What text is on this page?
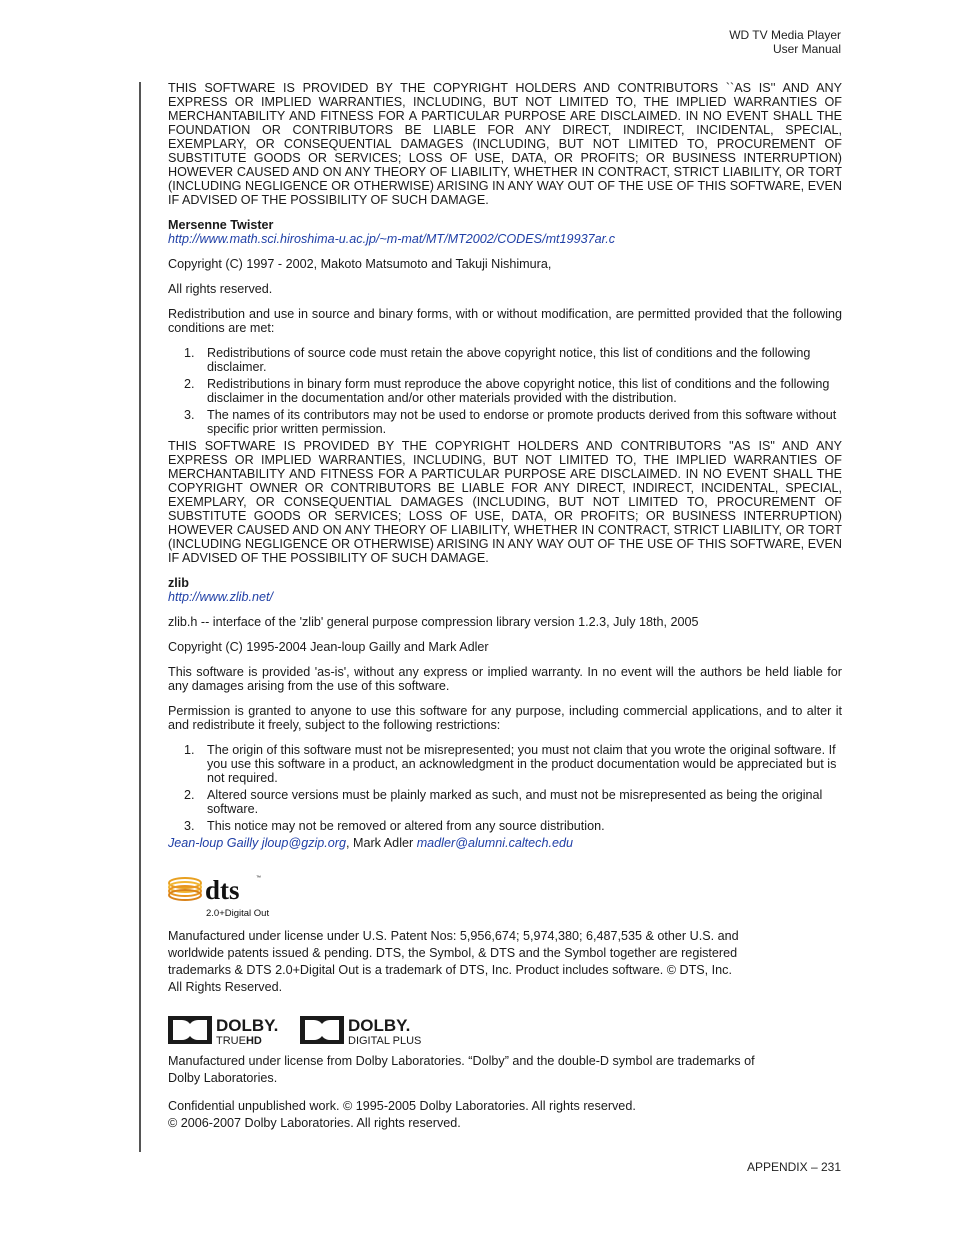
WD TV Media Player
User Manual

THIS SOFTWARE IS PROVIDED BY THE COPYRIGHT HOLDERS AND CONTRIBUTORS ``AS IS'' AND ANY EXPRESS OR IMPLIED WARRANTIES, INCLUDING, BUT NOT LIMITED TO, THE IMPLIED WARRANTIES OF MERCHANTABILITY AND FITNESS FOR A PARTICULAR PURPOSE ARE DISCLAIMED. IN NO EVENT SHALL THE FOUNDATION OR CONTRIBUTORS BE LIABLE FOR ANY DIRECT, INDIRECT, INCIDENTAL, SPECIAL, EXEMPLARY, OR CONSEQUENTIAL DAMAGES (INCLUDING, BUT NOT LIMITED TO, PROCUREMENT OF SUBSTITUTE GOODS OR SERVICES; LOSS OF USE, DATA, OR PROFITS; OR BUSINESS INTERRUPTION) HOWEVER CAUSED AND ON ANY THEORY OF LIABILITY, WHETHER IN CONTRACT, STRICT LIABILITY, OR TORT (INCLUDING NEGLIGENCE OR OTHERWISE) ARISING IN ANY WAY OUT OF THE USE OF THIS SOFTWARE, EVEN IF ADVISED OF THE POSSIBILITY OF SUCH DAMAGE.

Mersenne Twister

http://www.math.sci.hiroshima-u.ac.jp/~m-mat/MT/MT2002/CODES/mt19937ar.c

Copyright (C) 1997 - 2002, Makoto Matsumoto and Takuji Nishimura,

All rights reserved.

Redistribution and use in source and binary forms, with or without modification, are permitted provided that the following conditions are met:

1. Redistributions of source code must retain the above copyright notice, this list of conditions and the following disclaimer.
2. Redistributions in binary form must reproduce the above copyright notice, this list of conditions and the following disclaimer in the documentation and/or other materials provided with the distribution.
3. The names of its contributors may not be used to endorse or promote products derived from this software without specific prior written permission.

THIS SOFTWARE IS PROVIDED BY THE COPYRIGHT HOLDERS AND CONTRIBUTORS "AS IS" AND ANY EXPRESS OR IMPLIED WARRANTIES, INCLUDING, BUT NOT LIMITED TO, THE IMPLIED WARRANTIES OF MERCHANTABILITY AND FITNESS FOR A PARTICULAR PURPOSE ARE DISCLAIMED. IN NO EVENT SHALL THE COPYRIGHT OWNER OR CONTRIBUTORS BE LIABLE FOR ANY DIRECT, INDIRECT, INCIDENTAL, SPECIAL, EXEMPLARY, OR CONSEQUENTIAL DAMAGES (INCLUDING, BUT NOT LIMITED TO, PROCUREMENT OF SUBSTITUTE GOODS OR SERVICES; LOSS OF USE, DATA, OR PROFITS; OR BUSINESS INTERRUPTION) HOWEVER CAUSED AND ON ANY THEORY OF LIABILITY, WHETHER IN CONTRACT, STRICT LIABILITY, OR TORT (INCLUDING NEGLIGENCE OR OTHERWISE) ARISING IN ANY WAY OUT OF THE USE OF THIS SOFTWARE, EVEN IF ADVISED OF THE POSSIBILITY OF SUCH DAMAGE.

zlib

http://www.zlib.net/

zlib.h -- interface of the 'zlib' general purpose compression library version 1.2.3, July 18th, 2005

Copyright (C) 1995-2004 Jean-loup Gailly and Mark Adler

This software is provided 'as-is', without any express or implied warranty. In no event will the authors be held liable for any damages arising from the use of this software.

Permission is granted to anyone to use this software for any purpose, including commercial applications, and to alter it and redistribute it freely, subject to the following restrictions:

1. The origin of this software must not be misrepresented; you must not claim that you wrote the original software. If you use this software in a product, an acknowledgment in the product documentation would be appreciated but is not required.
2. Altered source versions must be plainly marked as such, and must not be misrepresented as being the original software.
3. This notice may not be removed or altered from any source distribution.

Jean-loup Gailly jloup@gzip.org, Mark Adler madler@alumni.caltech.edu

dts	™
2.0+Digital Out

Manufactured under license under U.S. Patent Nos: 5,956,674; 5,974,380; 6,487,535 & other U.S. and
worldwide patents issued & pending. DTS, the Symbol, & DTS and the Symbol together are registered
trademarks & DTS 2.0+Digital Out is a trademark of DTS, Inc. Product includes software. © DTS, Inc.
All Rights Reserved.

DOLBY.
TRUEHD
DOLBY.
DIGITAL PLUS

Manufactured under license from Dolby Laboratories. “Dolby” and the double-D symbol are trademarks of
Dolby Laboratories.

Confidential unpublished work. © 1995-2005 Dolby Laboratories. All rights reserved.
© 2006-2007 Dolby Laboratories. All rights reserved.

APPENDIX – 231
